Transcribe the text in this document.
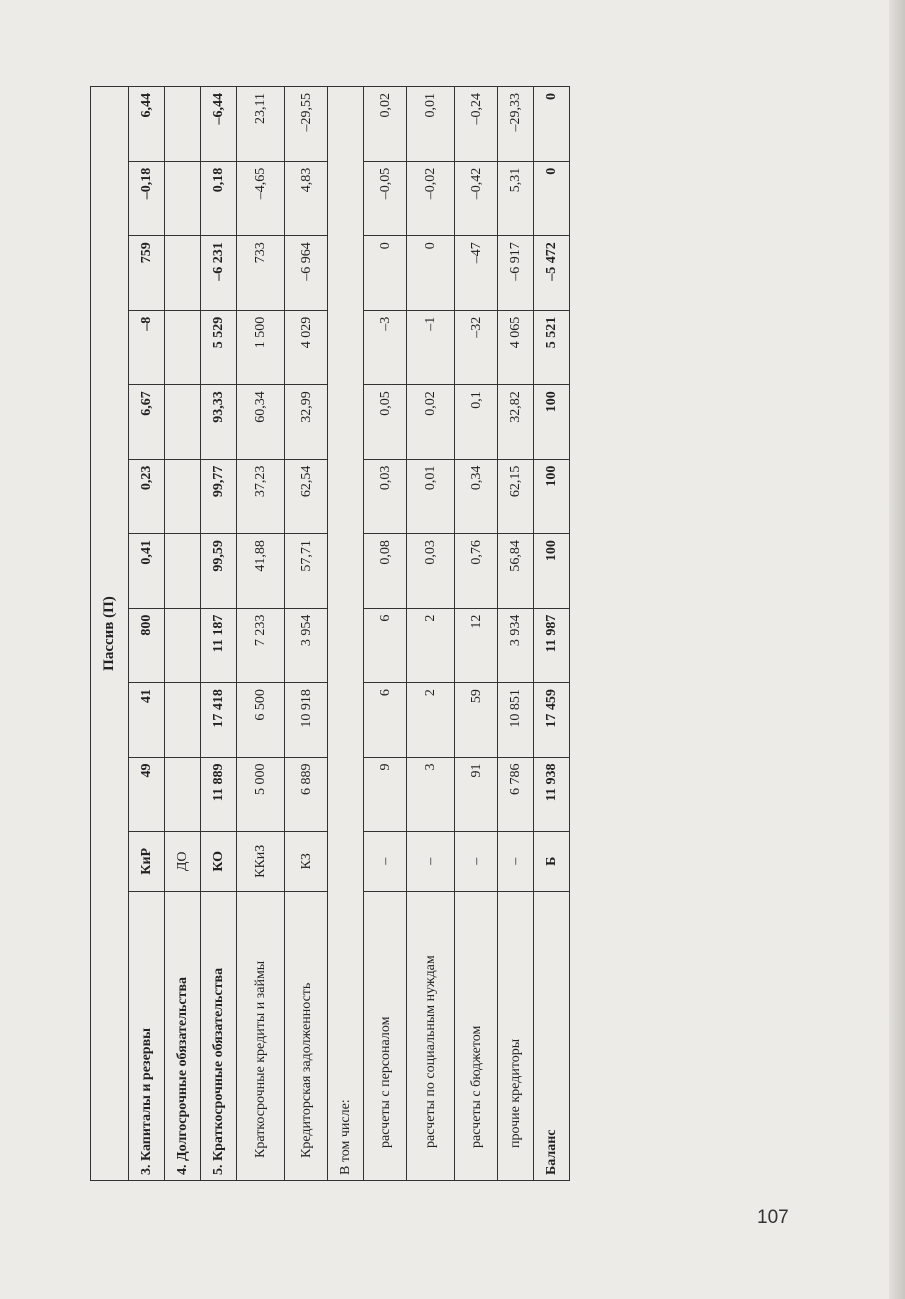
Пассив (П)											
3. Капиталы и резервы	КиР	49	41	800	0,41	0,23	6,67	–8	759	–0,18	6,44
4. Долгосрочные обязательства	ДО										
5. Краткосрочные обязательства	КО	11 889	17 418	11 187	99,59	99,77	93,33	5 529	–6 231	0,18	–6,44
Краткосрочные кредиты и займы	ККиЗ	5 000	6 500	7 233	41,88	37,23	60,34	1 500	733	–4,65	23,11
Кредиторская задолженность	КЗ	6 889	10 918	3 954	57,71	62,54	32,99	4 029	–6 964	4,83	–29,55
В том числе:											
расчеты с персоналом	–	9	6	6	0,08	0,03	0,05	–3	0	–0,05	0,02
расчеты по социальным нуждам	–	3	2	2	0,03	0,01	0,02	–1	0	–0,02	0,01
расчеты с бюджетом	–	91	59	12	0,76	0,34	0,1	–32	–47	–0,42	–0,24
прочие кредиторы	–	6 786	10 851	3 934	56,84	62,15	32,82	4 065	–6 917	5,31	–29,33
Баланс	Б	11 938	17 459	11 987	100	100	100	5 521	–5 472	0	0
107
